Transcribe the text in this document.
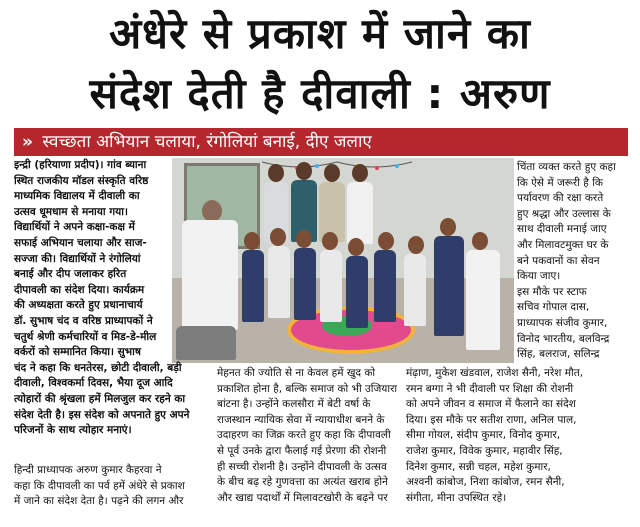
अंधेरे से प्रकाश में जाने का
संदेश देती है दीवाली : अरुण
» स्वच्छता अभियान चलाया, रंगोलियां बनाई, दीए जलाए
इन्द्री (हरियाणा प्रदीप)। गांव ब्याना
स्थित राजकीय मॉडल संस्कृति वरिष्ठ
माध्यमिक विद्यालय में दीवाली का
उत्सव धूमधाम से मनाया गया।
विद्यार्थियों ने अपने कक्षा-कक्ष में
सफाई अभियान चलाया और साज-
सज्जा की। विद्यार्थियों ने रंगोलियां
बनाई और दीप जलाकर हरित
दीपावली का संदेश दिया। कार्यक्रम
की अध्यक्षता करते हुए प्रधानाचार्य
डॉ. सुभाष चंद व वरिष्ठ प्राध्यापकों ने
चतुर्थ श्रेणी कर्मचारियों व मिड-डे-मील
वर्करों को सम्मानित किया। सुभाष
चंद ने कहा कि धनतेरस, छोटी दीवाली, बड़ी
दीवाली, विश्वकर्मा दिवस, भैया दूज आदि
त्योहारों की श्रृंखला हमें मिलजुल कर रहने का
संदेश देती है। इस संदेश को अपनाते हुए अपने
परिजनों के साथ त्योहार मनाएं।
हिन्दी प्राध्यापक अरुण कुमार कैहरवा ने
कहा कि दीपावली का पर्व हमें अंधेरे से प्रकाश
में जाने का संदेश देता है। पढ़ने की लगन और
मेहनत की ज्योति से ना केवल हमें खुद को
प्रकाशित होना है, बल्कि समाज को भी उजियारा
बांटना है। उन्होंने कलसौरा में बेटी वर्षा के
राजस्थान न्यायिक सेवा में न्यायाधीश बनने के
उदाहरण का जिक्र करते हुए कहा कि दीपावली
से पूर्व उनके द्वारा फैलाई गई प्रेरणा की रोशनी
ही सच्ची रोशनी है। उन्होंने दीपावली के उत्सव
के बीच बढ़ रहे गुणवत्ता का अत्यंत खराब होने
और खाद्य पदार्थों में मिलावटखोरी के बढ़ने पर
चिंता व्यक्त करते हुए कहा
कि ऐसे में जरूरी है कि
पर्यावरण की रक्षा करते
हुए श्रद्धा और उल्लास के
साथ दीवाली मनाई जाए
और मिलावटमुक्त घर के
बने पकवानों का सेवन
किया जाए।
इस मौके पर स्टाफ
सचिव गोपाल दास,
प्राध्यापक संजीव कुमार,
विनोद भारतीय, बलविन्द्र
सिंह, बलराज, सलिन्द्र
मंढ़ाण, मुकेश खंडवाल, राजेश सैनी, नरेश मौत,
रमन बग्गा ने भी दीवाली पर शिक्षा की रोशनी
को अपने जीवन व समाज में फैलाने का संदेश
दिया। इस मौके पर सतीश राणा, अनिल पाल,
सीमा गोयल, संदीप कुमार, विनोद कुमार,
राजेश कुमार, विवेक कुमार, महावीर सिंह,
दिनेश कुमार, सन्नी चहल, महेश कुमार,
अश्वनी कांबोज, निशा कांबोज, रमन सैनी,
संगीता, मीना उपस्थित रहे।
